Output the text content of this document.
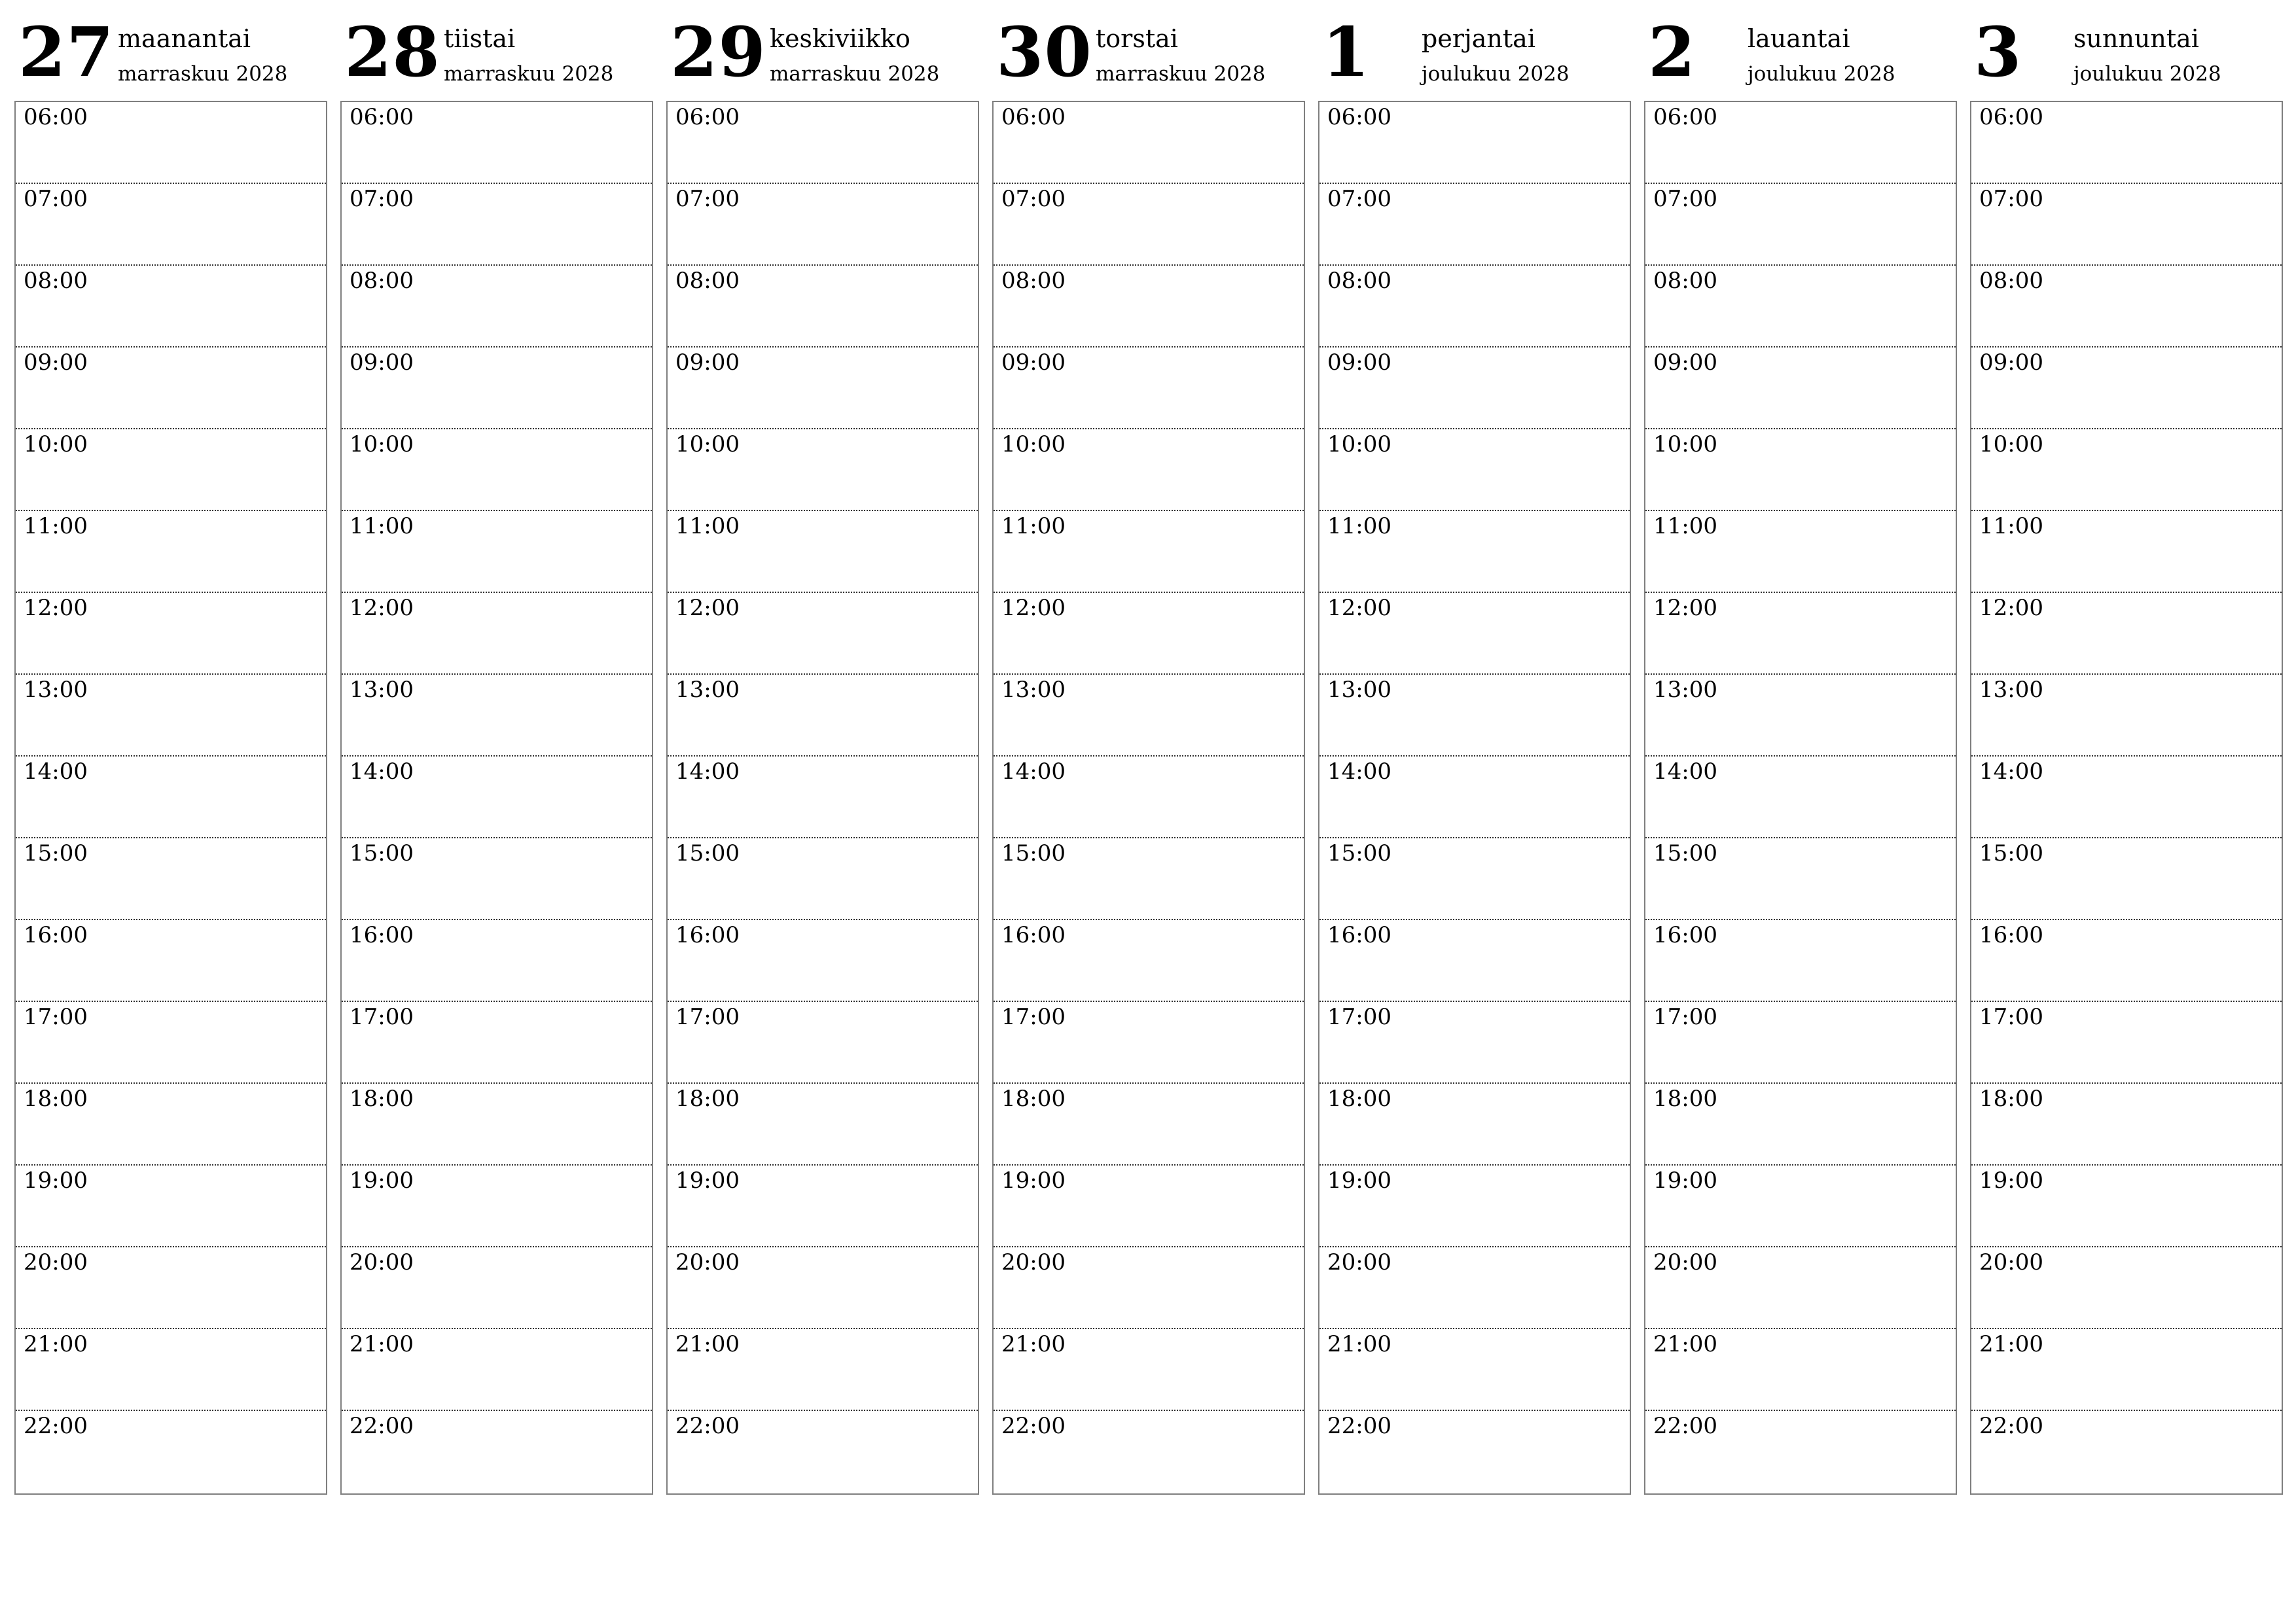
27 maanantai
marraskuu 2028
06:00
07:00
08:00
09:00
10:00
11:00
12:00
13:00
14:00
15:00
16:00
17:00
18:00
19:00
20:00
21:00
22:00
28 tiistai
marraskuu 2028
06:00
07:00
08:00
09:00
10:00
11:00
12:00
13:00
14:00
15:00
16:00
17:00
18:00
19:00
20:00
21:00
22:00
29 keskiviikko
marraskuu 2028
06:00
07:00
08:00
09:00
10:00
11:00
12:00
13:00
14:00
15:00
16:00
17:00
18:00
19:00
20:00
21:00
22:00
30 torstai
marraskuu 2028
06:00
07:00
08:00
09:00
10:00
11:00
12:00
13:00
14:00
15:00
16:00
17:00
18:00
19:00
20:00
21:00
22:00
1 perjantai
joulukuu 2028
06:00
07:00
08:00
09:00
10:00
11:00
12:00
13:00
14:00
15:00
16:00
17:00
18:00
19:00
20:00
21:00
22:00
2 lauantai
joulukuu 2028
06:00
07:00
08:00
09:00
10:00
11:00
12:00
13:00
14:00
15:00
16:00
17:00
18:00
19:00
20:00
21:00
22:00
3 sunnuntai
joulukuu 2028
06:00
07:00
08:00
09:00
10:00
11:00
12:00
13:00
14:00
15:00
16:00
17:00
18:00
19:00
20:00
21:00
22:00
